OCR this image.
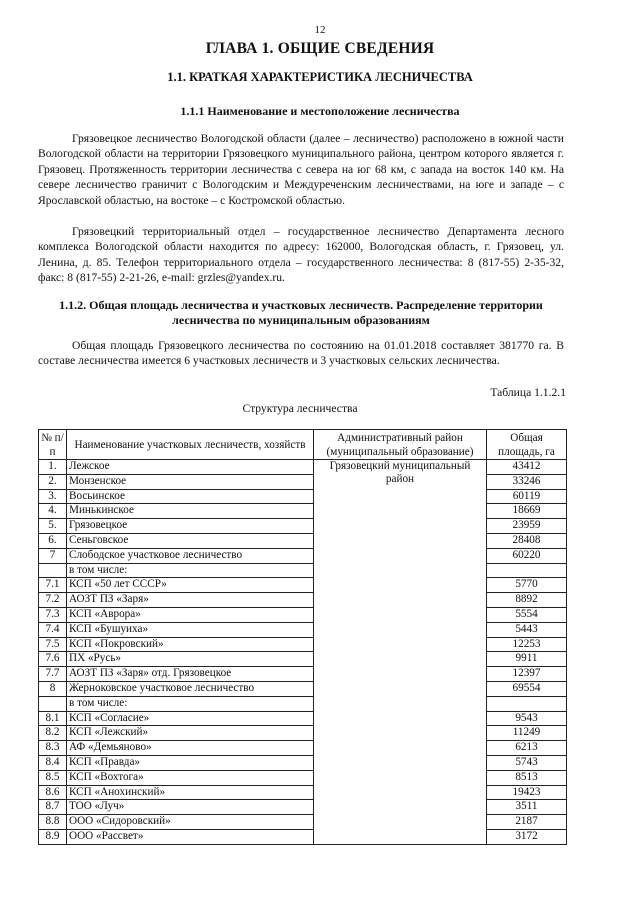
12
ГЛАВА 1. ОБЩИЕ СВЕДЕНИЯ
1.1. КРАТКАЯ ХАРАКТЕРИСТИКА ЛЕСНИЧЕСТВА
1.1.1 Наименование и местоположение лесничества

Грязовецкое лесничество Вологодской области (далее – лесничество) расположено в южной части Вологодской области на территории Грязовецкого муниципального района, центром которого является г. Грязовец. Протяженность территории лесничества с севера на юг 68 км, с запада на восток 140 км. На севере лесничество граничит с Вологодским и Междуреченским лесничествами, на юге и западе – с Ярославской областью, на востоке – с Костромской областью.

Грязовецкий территориальный отдел – государственное лесничество Департамента лесного комплекса Вологодской области находится по адресу: 162000, Вологодская область, г. Грязовец, ул. Ленина, д. 85. Телефон территориального отдела – государственного лесничества: 8 (817-55) 2-35-32, факс: 8 (817-55) 2-21-26, e-mail: grzles@yandex.ru.

1.1.2. Общая площадь лесничества и участковых лесничеств. Распределение территории лесничества по муниципальным образованиям

Общая площадь Грязовецкого лесничества по состоянию на 01.01.2018 составляет 381770 га. В составе лесничества имеется 6 участковых лесничеств и 3 участковых сельских лесничества.

Таблица 1.1.2.1
Структура лесничества
№ п/п	Наименование участковых лесничеств, хозяйств	Административный район (муниципальный образование)	Общая площадь, га
1.	Лежское	Грязовецкий муниципальный район	43412
2.	Монзенское		33246
3.	Восьинское		60119
4.	Минькинское		18669
5.	Грязовецкое		23959
6.	Сеньговское		28408
7	Слободское участковое лесничество		60220
	в том числе:		
7.1	КСП «50 лет СССР»		5770
7.2	АОЗТ ПЗ «Заря»		8892
7.3	КСП «Аврора»		5554
7.4	КСП «Бушуиха»		5443
7.5	КСП «Покровский»		12253
7.6	ПХ «Русь»		9911
7.7	АОЗТ ПЗ «Заря» отд. Грязовецкое		12397
8	Жерноковское участковое лесничество		69554
	в том числе:		
8.1	КСП «Согласие»		9543
8.2	КСП «Лежский»		11249
8.3	АФ «Демьяново»		6213
8.4	КСП «Правда»		5743
8.5	КСП «Вохтога»		8513
8.6	КСП «Анохинский»		19423
8.7	ТОО «Луч»		3511
8.8	ООО «Сидоровский»		2187
8.9	ООО «Рассвет»		3172
